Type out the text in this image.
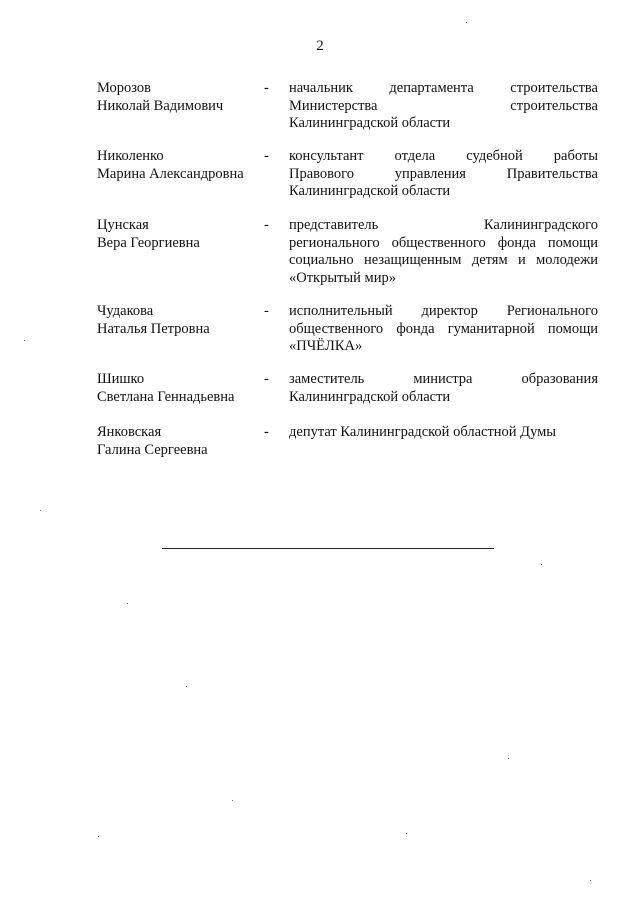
2
Морозов
Николай Вадимович
-	начальник департамента строительства
Министерства строительства
Калининградской области
Николенко
Марина Александровна
-	консультант отдела судебной работы
Правового управления Правительства
Калининградской области
Цунская
Вера Георгиевна
-	представитель Калининградского
регионального общественного фонда помощи
социально незащищенным детям и молодежи
«Открытый мир»
Чудакова
Наталья Петровна
-	исполнительный директор Регионального
общественного фонда гуманитарной помощи
«ПЧЁЛКА»
Шишко
Светлана Геннадьевна
-	заместитель министра образования
Калининградской области
Янковская
Галина Сергеевна
-	депутат Калининградской областной Думы
